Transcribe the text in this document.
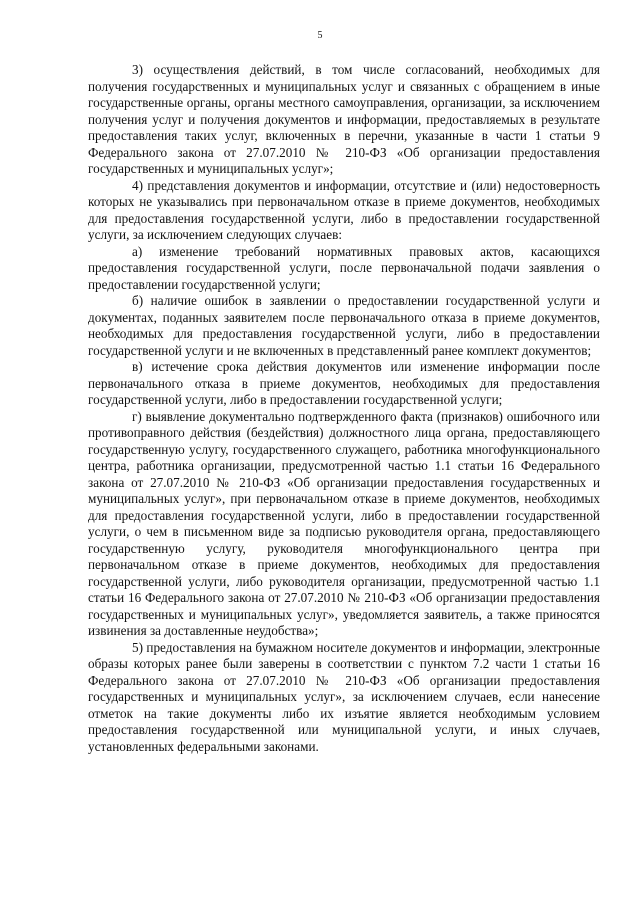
5

3) осуществления действий, в том числе согласований, необходимых для получения государственных и муниципальных услуг и связанных с обращением в иные государственные органы, органы местного самоуправления, организации, за исключением получения услуг и получения документов и информации, предоставляемых в результате предоставления таких услуг, включенных в перечни, указанные в части 1 статьи 9 Федерального закона от 27.07.2010 № 210-ФЗ «Об организации предоставления государственных и муниципальных услуг»;

4) представления документов и информации, отсутствие и (или) недостоверность которых не указывались при первоначальном отказе в приеме документов, необходимых для предоставления государственной услуги, либо в предоставлении государственной услуги, за исключением следующих случаев:

а) изменение требований нормативных правовых актов, касающихся предоставления государственной услуги, после первоначальной подачи заявления о предоставлении государственной услуги;

б) наличие ошибок в заявлении о предоставлении государственной услуги и документах, поданных заявителем после первоначального отказа в приеме документов, необходимых для предоставления государственной услуги, либо в предоставлении государственной услуги и не включенных в представленный ранее комплект документов;

в) истечение срока действия документов или изменение информации после первоначального отказа в приеме документов, необходимых для предоставления государственной услуги, либо в предоставлении государственной услуги;

г) выявление документально подтвержденного факта (признаков) ошибочного или противоправного действия (бездействия) должностного лица органа, предоставляющего государственную услугу, государственного служащего, работника многофункционального центра, работника организации, предусмотренной частью 1.1 статьи 16 Федерального закона от 27.07.2010 № 210-ФЗ «Об организации предоставления государственных и муниципальных услуг», при первоначальном отказе в приеме документов, необходимых для предоставления государственной услуги, либо в предоставлении государственной услуги, о чем в письменном виде за подписью руководителя органа, предоставляющего государственную услугу, руководителя многофункционального центра при первоначальном отказе в приеме документов, необходимых для предоставления государственной услуги, либо руководителя организации, предусмотренной частью 1.1 статьи 16 Федерального закона от 27.07.2010 № 210-ФЗ «Об организации предоставления государственных и муниципальных услуг», уведомляется заявитель, а также приносятся извинения за доставленные неудобства»;

5) предоставления на бумажном носителе документов и информации, электронные образы которых ранее были заверены в соответствии с пунктом 7.2 части 1 статьи 16 Федерального закона от 27.07.2010 № 210-ФЗ «Об организации предоставления государственных и муниципальных услуг», за исключением случаев, если нанесение отметок на такие документы либо их изъятие является необходимым условием предоставления государственной или муниципальной услуги, и иных случаев, установленных федеральными законами.
